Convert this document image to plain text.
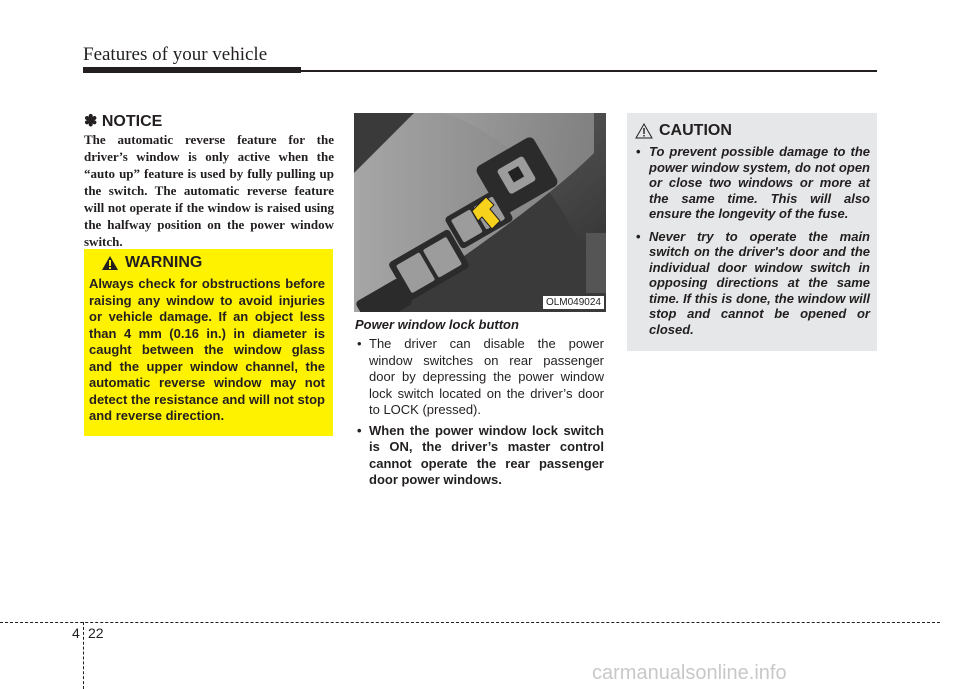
Features of your vehicle
✽ NOTICE
The automatic reverse feature for the driver’s window is only active when the “auto up” feature is used by fully pulling up the switch. The automatic reverse feature will not operate if the window is raised using the halfway position on the power window switch.
WARNING
Always check for obstructions before raising any window to avoid injuries or vehicle damage. If an object less than 4 mm (0.16 in.) in diameter is caught between the window glass and the upper window channel, the automatic reverse window may not detect the resistance and will not stop and reverse direction.
OLM049024
Power window lock button
• The driver can disable the power window switches on rear passenger door by depressing the power window lock switch located on the driver’s door to LOCK (pressed).
• When the power window lock switch is ON, the driver’s master control cannot operate the rear passenger door power windows.
CAUTION
• To prevent possible damage to the power window system, do not open or close two windows or more at the same time. This will also ensure the longevity of the fuse.
• Never try to operate the main switch on the driver's door and the individual door window switch in opposing directions at the same time. If this is done, the window will stop and cannot be opened or closed.
4 22
carmanualsonline.info
